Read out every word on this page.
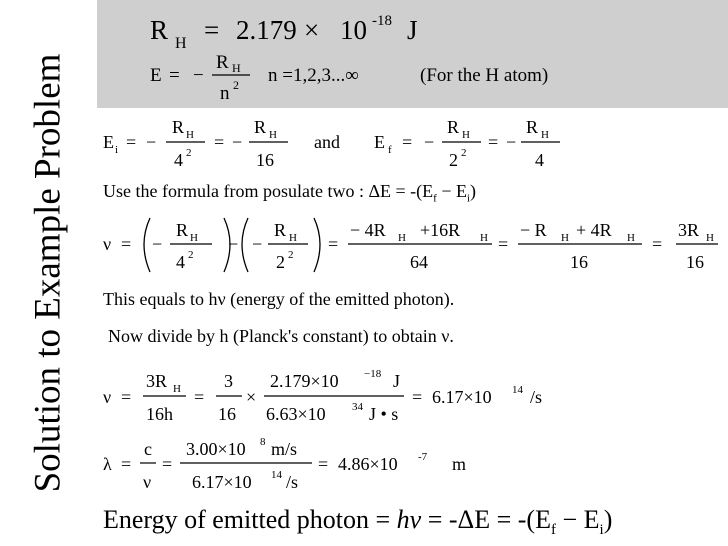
Solution to Example Problem
R H = 2.179 × 10 -18 J
E = −
R H
n 2 n =1,2,3...∞	(For the H atom)
E i = −
R H
4 2
= −
R H
16
and E f = −
R H
2 2
= −
R H
4
Use the formula from posulate two : $\Delta E = -(E_f - E_i)$
ν = −
R H
4 2
− −
R H
2 2
=
− 4R H +16R H
64
=
− R H + 4R H
16
=
3R H
16
This equals to hν (energy of the emitted photon).
Now divide by h (Planck's constant) to obtain ν.
ν =
3R H
16h
=
3
16
×
2.179×10 −18 J
6.63×10 34 J • s
= 6.17×10 14 /s
λ =
c
ν
=
3.00×10 8 m/s
6.17×10 14 /s
= 4.86×10 -7 m
Energy of emitted photon = $h\nu = -\Delta E = -(E_f - E_i)$
